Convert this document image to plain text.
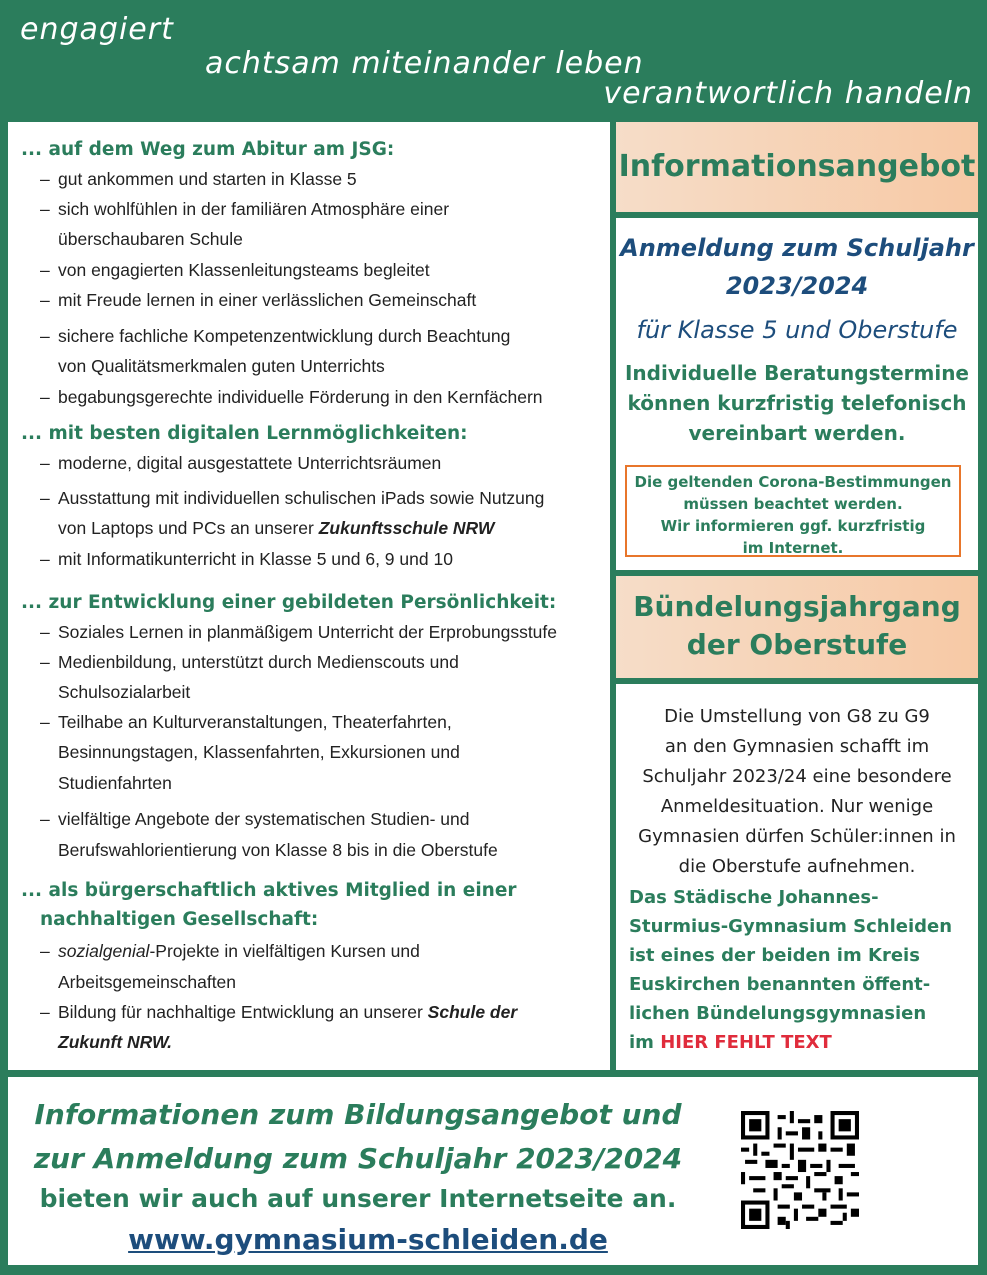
engagiert
achtsam miteinander leben
verantwortlich handeln
... auf dem Weg zum Abitur am JSG:
– gut ankommen und starten in Klasse 5
– sich wohlfühlen in der familiären Atmosphäre einer
überschaubaren Schule
– von engagierten Klassenleitungsteams begleitet
– mit Freude lernen in einer verlässlichen Gemeinschaft
– sichere fachliche Kompetenzentwicklung durch Beachtung
von Qualitätsmerkmalen guten Unterrichts
– begabungsgerechte individuelle Förderung in den Kernfächern
... mit besten digitalen Lernmöglichkeiten:
– moderne, digital ausgestattete Unterrichtsräumen
– Ausstattung mit individuellen schulischen iPads sowie Nutzung
von Laptops und PCs an unserer Zukunftsschule NRW
– mit Informatikunterricht in Klasse 5 und 6, 9 und 10
... zur Entwicklung einer gebildeten Persönlichkeit:
– Soziales Lernen in planmäßigem Unterricht der Erprobungsstufe
– Medienbildung, unterstützt durch Medienscouts und
Schulsozialarbeit
– Teilhabe an Kulturveranstaltungen, Theaterfahrten,
Besinnungstagen, Klassenfahrten, Exkursionen und
Studienfahrten
– vielfältige Angebote der systematischen Studien- und
Berufswahlorientierung von Klasse 8 bis in die Oberstufe
... als bürgerschaftlich aktives Mitglied in einer
nachhaltigen Gesellschaft:
– sozialgenial-Projekte in vielfältigen Kursen und
Arbeitsgemeinschaften
– Bildung für nachhaltige Entwicklung an unserer Schule der
Zukunft NRW.
Informationsangebot
Anmeldung zum Schuljahr
2023/2024
für Klasse 5 und Oberstufe
Individuelle Beratungstermine
können kurzfristig telefonisch
vereinbart werden.
Die geltenden Corona-Bestimmungen
müssen beachtet werden.
Wir informieren ggf. kurzfristig
im Internet.
Bündelungsjahrgang
der Oberstufe
Die Umstellung von G8 zu G9
an den Gymnasien schafft im
Schuljahr 2023/24 eine besondere
Anmeldesituation. Nur wenige
Gymnasien dürfen Schüler:innen in
die Oberstufe aufnehmen.
Das Städische Johannes-
Sturmius-Gymnasium Schleiden
ist eines der beiden im Kreis
Euskirchen benannten öffent-
lichen Bündelungsgymnasien
im HIER FEHLT TEXT
Informationen zum Bildungsangebot und
zur Anmeldung zum Schuljahr 2023/2024
bieten wir auch auf unserer Internetseite an.
www.gymnasium-schleiden.de
